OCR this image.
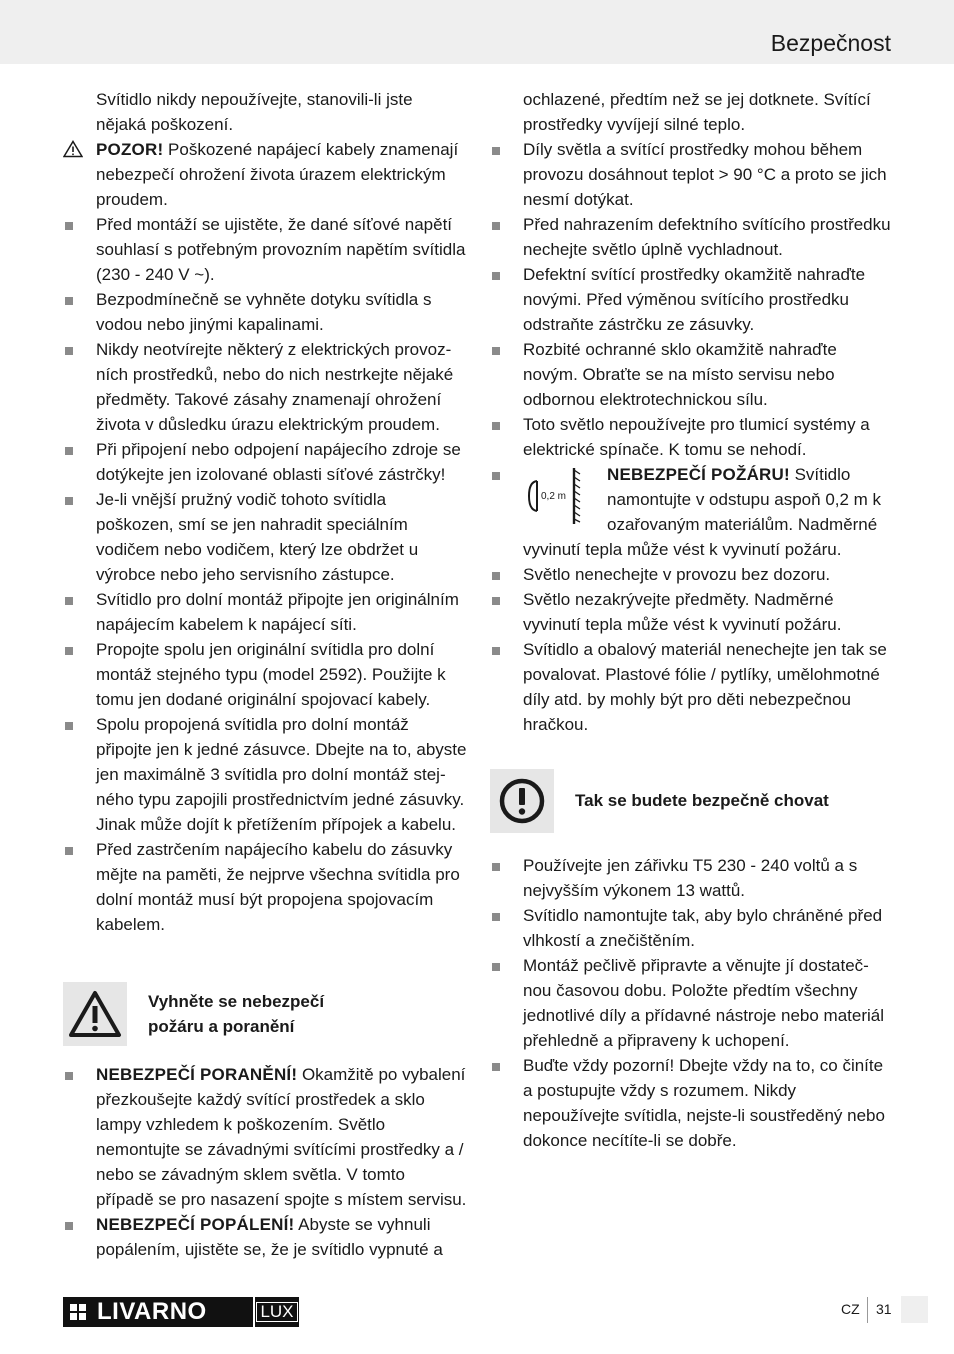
Bezpečnost

Svítidlo nikdy nepoužívejte, stanovili-li jste nějaká poškození.

POZOR! Poškozené napájecí kabely znamenají nebezpečí ohrožení života úrazem elektrickým proudem.

Před montáží se ujistěte, že dané síťové napětí souhlasí s potřebným provozním napětím svítidla (230 - 240 V ~).

Bezpodmínečně se vyhněte dotyku svítidla s vodou nebo jinými kapalinami.

Nikdy neotvírejte některý z elektrických provoz-ních prostředků, nebo do nich nestrkejte nějaké předměty. Takové zásahy znamenají ohrožení života v důsledku úrazu elektrickým proudem.

Při připojení nebo odpojení napájecího zdroje se dotýkejte jen izolované oblasti síťové zástrčky!

Je-li vnější pružný vodič tohoto svítidla poškozen, smí se jen nahradit speciálním vodičem nebo vodičem, který lze obdržet u výrobce nebo jeho servisního zástupce.

Svítidlo pro dolní montáž připojte jen originálním napájecím kabelem k napájecí síti.

Propojte spolu jen originální svítidla pro dolní montáž stejného typu (model 2592). Použijte k tomu jen dodané originální spojovací kabely.

Spolu propojená svítidla pro dolní montáž připojte jen k jedné zásuvce. Dbejte na to, abyste jen maximálně 3 svítidla pro dolní montáž stej-ného typu zapojili prostřednictvím jedné zásuvky. Jinak může dojít k přetížením přípojek a kabelu.

Před zastrčením napájecího kabelu do zásuvky mějte na paměti, že nejprve všechna svítidla pro dolní montáž musí být propojena spojovacím kabelem.

Vyhněte se nebezpečí
požáru a poranění

NEBEZPEČÍ PORANĚNÍ! Okamžitě po vybalení přezkoušejte každý svítící prostředek a sklo lampy vzhledem k poškozením. Světlo nemontujte se závadnými svítícími prostředky a / nebo se závadným sklem světla. V tomto případě se pro nasazení spojte s místem servisu.

NEBEZPEČÍ POPÁLENÍ! Abyste se vyhnuli popálením, ujistěte se, že je svítidlo vypnuté a

ochlazené, předtím než se jej dotknete. Svítící prostředky vyvíjejí silné teplo.

Díly světla a svítící prostředky mohou během provozu dosáhnout teplot > 90 °C a proto se jich nesmí dotýkat.

Před nahrazením defektního svítícího prostředku nechejte světlo úplně vychladnout.

Defektní svítící prostředky okamžitě nahraďte novými. Před výměnou svítícího prostředku odstraňte zástrčku ze zásuvky.

Rozbité ochranné sklo okamžitě nahraďte novým. Obraťte se na místo servisu nebo odbornou elektrotechnickou sílu.

Toto světlo nepoužívejte pro tlumicí systémy a elektrické spínače. K tomu se nehodí.

0,2 m
NEBEZPEČÍ POŽÁRU! Svítidlo namontujte v odstupu aspoň 0,2 m k ozařovaným materiálům. Nadměrné vyvinutí tepla může vést k vyvinutí požáru.

Světlo nenechejte v provozu bez dozoru.

Světlo nezakrývejte předměty. Nadměrné vyvinutí tepla může vést k vyvinutí požáru.

Svítidlo a obalový materiál nenechejte jen tak se povalovat. Plastové fólie / pytlíky, umělohmotné díly atd. by mohly být pro děti nebezpečnou hračkou.

Tak se budete bezpečně chovat

Používejte jen zářivku T5 230 - 240 voltů a s nejvyšším výkonem 13 wattů.

Svítidlo namontujte tak, aby bylo chráněné před vlhkostí a znečištěním.

Montáž pečlivě připravte a věnujte jí dostateč-nou časovou dobu. Položte předtím všechny jednotlivé díly a přídavné nástroje nebo materiál přehledně a připraveny k uchopení.

Buďte vždy pozorní! Dbejte vždy na to, co činíte a postupujte vždy s rozumem. Nikdy nepoužívejte svítidla, nejste-li soustředěný nebo dokonce necítíte-li se dobře.

LIVARNO	LUX	CZ 31
